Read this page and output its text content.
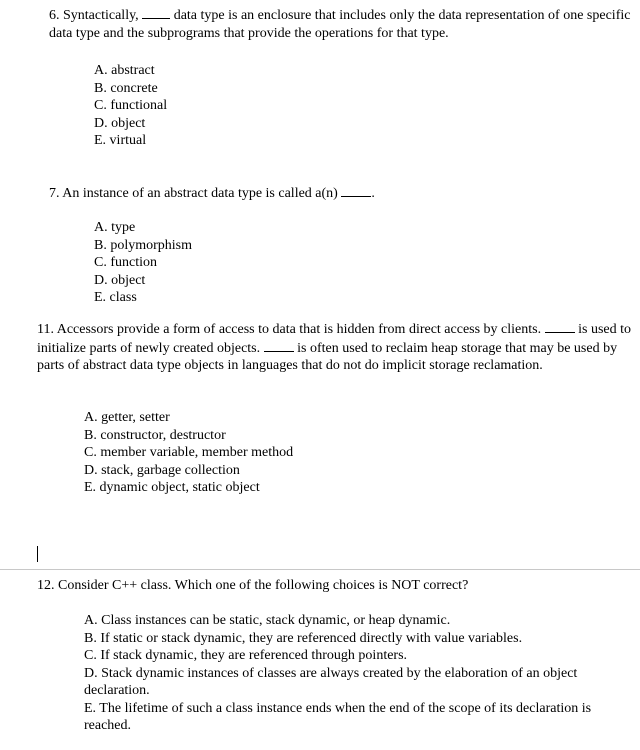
6. Syntactically,  data type is an enclosure that includes only the data representation of one specific data type and the subprograms that provide the operations for that type.
A. abstract
B. concrete
C. functional
D. object
E. virtual
7. An instance of an abstract data type is called a(n) .
A. type
B. polymorphism
C. function
D. object
E. class
11. Accessors provide a form of access to data that is hidden from direct access by clients.  is used to initialize parts of newly created objects.  is often used to reclaim heap storage that may be used by parts of abstract data type objects in languages that do not do implicit storage reclamation.
A. getter, setter
B. constructor, destructor
C. member variable, member method
D. stack, garbage collection
E. dynamic object, static object
12. Consider C++ class. Which one of the following choices is NOT correct?
A. Class instances can be static, stack dynamic, or heap dynamic.
B. If static or stack dynamic, they are referenced directly with value variables.
C. If stack dynamic, they are referenced through pointers.
D. Stack dynamic instances of classes are always created by the elaboration of an object declaration.
E. The lifetime of such a class instance ends when the end of the scope of its declaration is reached.
